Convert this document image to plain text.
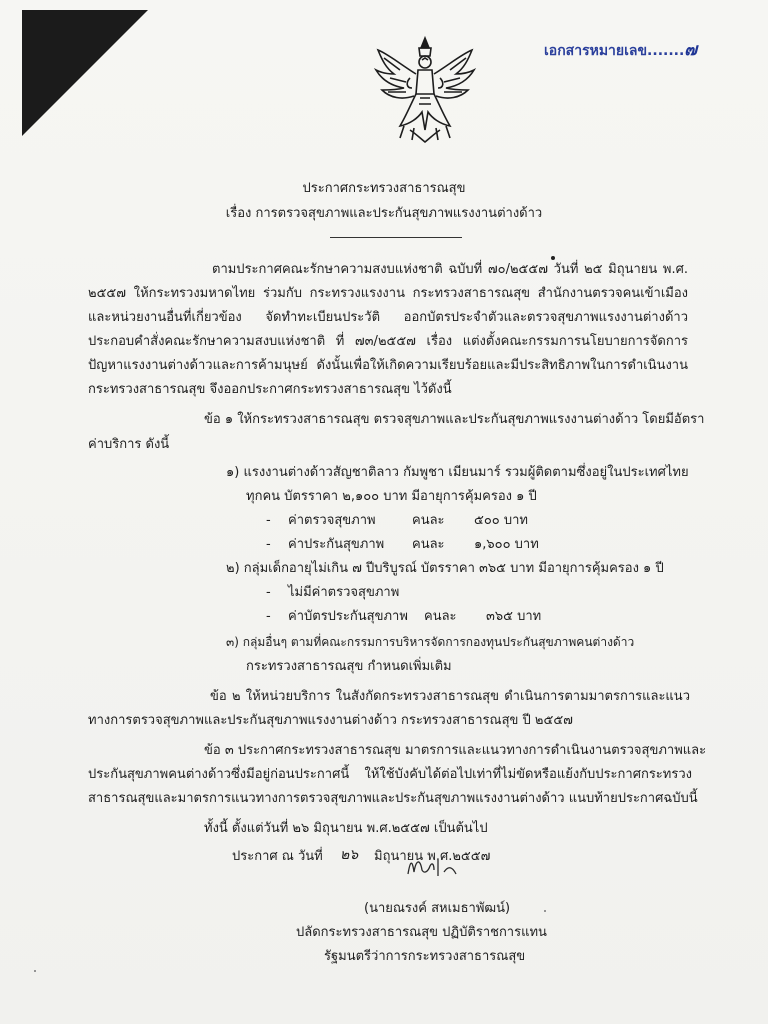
เอกสารหมายเลข.......๗
ประกาศกระทรวงสาธารณสุข
เรื่อง การตรวจสุขภาพและประกันสุขภาพแรงงานต่างด้าว
ตามประกาศคณะรักษาความสงบแห่งชาติ ฉบับที่ ๗๐/๒๕๕๗ วันที่ ๒๕ มิถุนายน พ.ศ.
๒๕๕๗ ให้กระทรวงมหาดไทย ร่วมกับ กระทรวงแรงงาน กระทรวงสาธารณสุข สำนักงานตรวจคนเข้าเมือง
และหน่วยงานอื่นที่เกี่ยวข้อง จัดทำทะเบียนประวัติ ออกบัตรประจำตัวและตรวจสุขภาพแรงงานต่างด้าว
ประกอบคำสั่งคณะรักษาความสงบแห่งชาติ ที่ ๗๓/๒๕๕๗ เรื่อง แต่งตั้งคณะกรรมการนโยบายการจัดการ
ปัญหาแรงงานต่างด้าวและการค้ามนุษย์ ดังนั้นเพื่อให้เกิดความเรียบร้อยและมีประสิทธิภาพในการดำเนินงาน
กระทรวงสาธารณสุข จึงออกประกาศกระทรวงสาธารณสุข ไว้ดังนี้
ข้อ ๑ ให้กระทรวงสาธารณสุข ตรวจสุขภาพและประกันสุขภาพแรงงานต่างด้าว โดยมีอัตรา
ค่าบริการ ดังนี้
๑) แรงงานต่างด้าวสัญชาติลาว กัมพูชา เมียนมาร์ รวมผู้ติดตามซึ่งอยู่ในประเทศไทย
ทุกคน บัตรราคา ๒,๑๐๐ บาท มีอายุการคุ้มครอง ๑ ปี
- ค่าตรวจสุขภาพ	คนละ ๕๐๐ บาท
- ค่าประกันสุขภาพ คนละ ๑,๖๐๐ บาท
๒) กลุ่มเด็กอายุไม่เกิน ๗ ปีบริบูรณ์ บัตรราคา ๓๖๕ บาท มีอายุการคุ้มครอง ๑ ปี
- ไม่มีค่าตรวจสุขภาพ
- ค่าบัตรประกันสุขภาพ คนละ ๓๖๕ บาท
๓) กลุ่มอื่นๆ ตามที่คณะกรรมการบริหารจัดการกองทุนประกันสุขภาพคนต่างด้าว
กระทรวงสาธารณสุข กำหนดเพิ่มเติม
ข้อ ๒ ให้หน่วยบริการ ในสังกัดกระทรวงสาธารณสุข ดำเนินการตามมาตรการและแนว
ทางการตรวจสุขภาพและประกันสุขภาพแรงงานต่างด้าว กระทรวงสาธารณสุข ปี ๒๕๕๗
ข้อ ๓ ประกาศกระทรวงสาธารณสุข มาตรการและแนวทางการดำเนินงานตรวจสุขภาพและ
ประกันสุขภาพคนต่างด้าวซึ่งมีอยู่ก่อนประกาศนี้ ให้ใช้บังคับได้ต่อไปเท่าที่ไม่ขัดหรือแย้งกับประกาศกระทรวง
สาธารณสุขและมาตรการแนวทางการตรวจสุขภาพและประกันสุขภาพแรงงานต่างด้าว แนบท้ายประกาศฉบับนี้
ทั้งนี้ ตั้งแต่วันที่ ๒๖ มิถุนายน พ.ศ.๒๕๕๗ เป็นต้นไป
ประกาศ ณ วันที่ ๒๖ มิถุนายน พ.ศ.๒๕๕๗
(นายณรงค์ สหเมธาพัฒน์)
ปลัดกระทรวงสาธารณสุข ปฏิบัติราชการแทน
รัฐมนตรีว่าการกระทรวงสาธารณสุข
